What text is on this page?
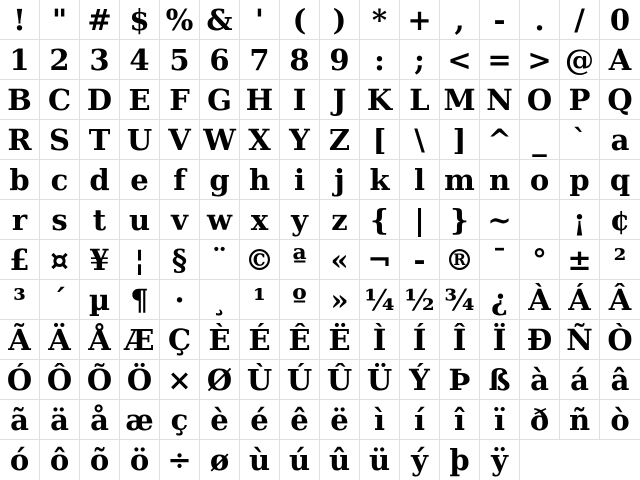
! " # $ % & ' ( ) * + , - .	/ 0
1 2 3 4 5 6 7 8 9 :	; < = > @ A
B C D E F G H I J K L M N O P Q
R S T U V W X Y Z [ \ ] ^ _ ` a
b c d e f g h i	j k l m n o p q
r s t u v w x y z { | } ~	¡ ¢
£ ¤ ¥ ¦ § ¨ © ª « ¬ - ® ¯ ° ± ²
³ ´ µ ¶ · ¸ ¹ º » ¼ ½ ¾ ¿ À Á Â
Ã Ä Å Æ Ç È É Ê Ë Ì Í Î Ï Ð Ñ Ò
Ó Ô Õ Ö × Ø Ù Ú Û Ü Ý Þ ß à á â
ã ä å æ ç è é ê ë ì í î ï ð ñ ò
ó ô õ ö ÷ ø ù ú û ü ý þ ÿ
